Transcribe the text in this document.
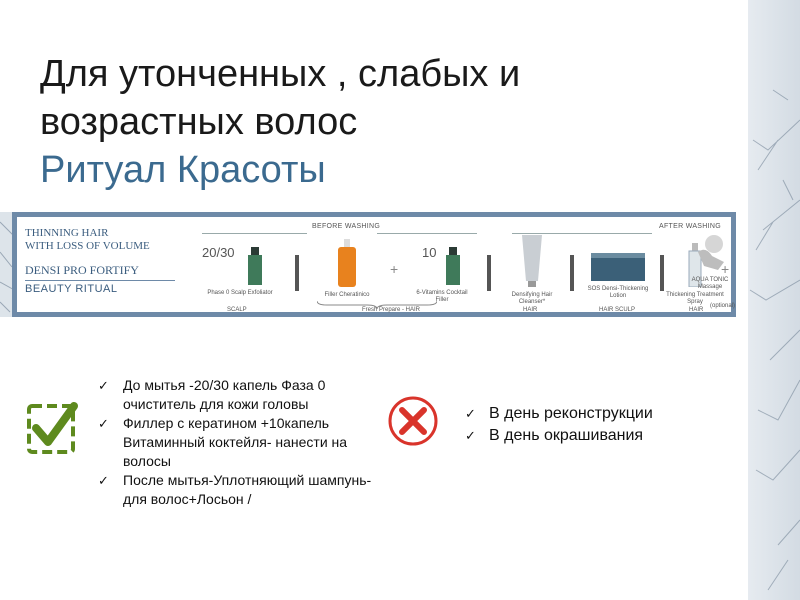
Для утонченных , слабых и
возрастных волос
Ритуал Красоты
THINNING HAIR
WITH LOSS OF VOLUME
DENSI PRO FORTIFY
BEAUTY RITUAL
BEFORE WASHING	AFTER WASHING
20/30
Phase 0 Scalp Exfoliator
SCALP
Filler Cheratinico
+
10
6-Vitamins Cocktail Filler
Fresh Prepare - HAIR
Densifying Hair Cleanser*
HAIR
SOS Densi-Thickening Lotion
HAIR SCULP
Thickening Treatment Spray
HAIR
+
AQUA TONIC Massage
(optional)
✓ До мытья -20/30 капель Фаза 0 очиститель для кожи головы
✓ Филлер с кератином +10капель Витаминный коктейля- нанести на волосы
✓ После мытья-Уплотняющий шампунь- для волос+Лосьон /
✓ В день реконструкции
✓ В день окрашивания
